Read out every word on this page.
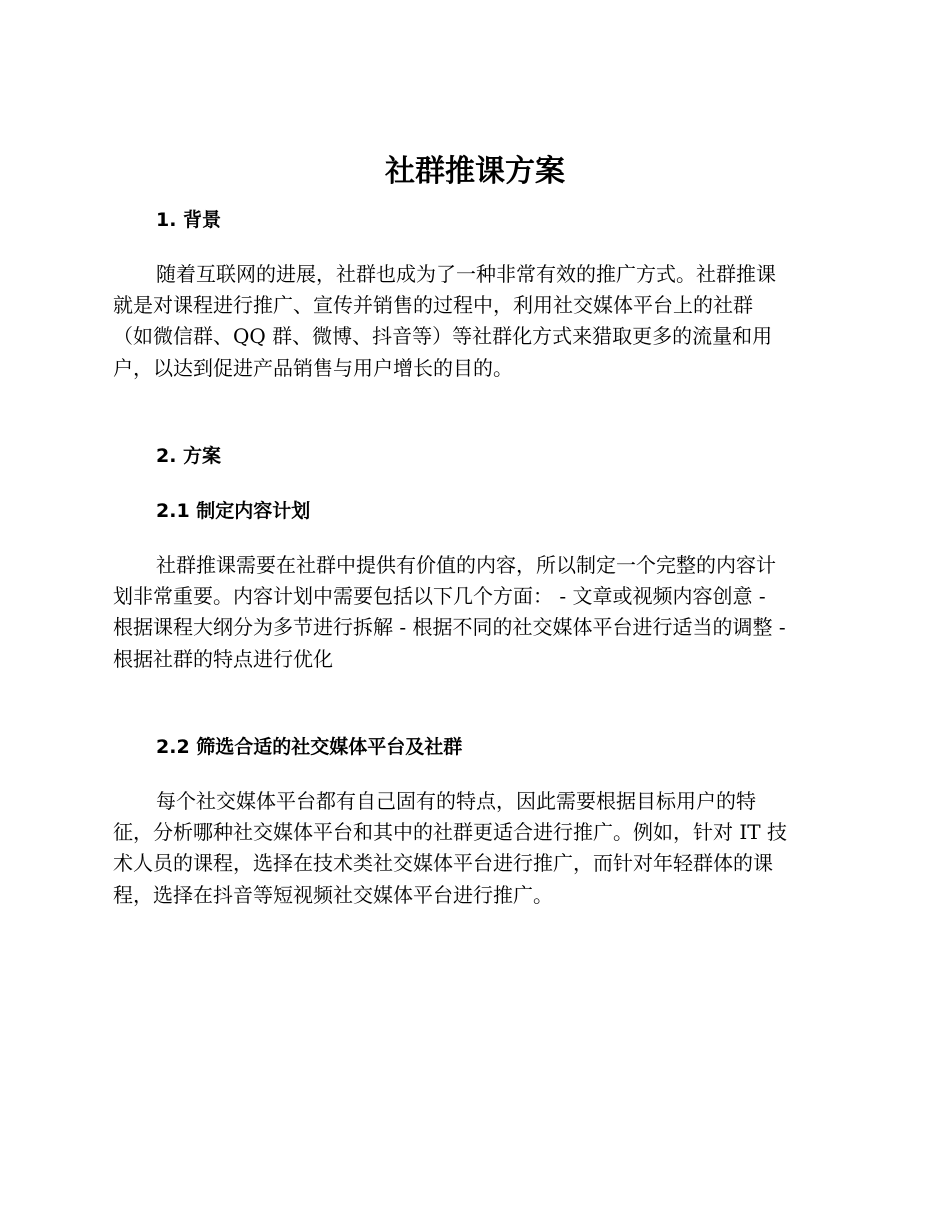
社群推课方案
1. 背景
随着互联网的进展，社群也成为了一种非常有效的推广方式。社群推课
就是对课程进行推广、宣传并销售的过程中，利用社交媒体平台上的社群
（如微信群、QQ 群、微博、抖音等）等社群化方式来猎取更多的流量和用
户，以达到促进产品销售与用户增长的目的。
2. 方案
2.1 制定内容计划
社群推课需要在社群中提供有价值的内容，所以制定一个完整的内容计
划非常重要。内容计划中需要包括以下几个方面： - 文章或视频内容创意 -
根据课程大纲分为多节进行拆解 - 根据不同的社交媒体平台进行适当的调整 -
根据社群的特点进行优化
2.2 筛选合适的社交媒体平台及社群
每个社交媒体平台都有自己固有的特点，因此需要根据目标用户的特
征，分析哪种社交媒体平台和其中的社群更适合进行推广。例如，针对 IT 技
术人员的课程，选择在技术类社交媒体平台进行推广，而针对年轻群体的课
程，选择在抖音等短视频社交媒体平台进行推广。
